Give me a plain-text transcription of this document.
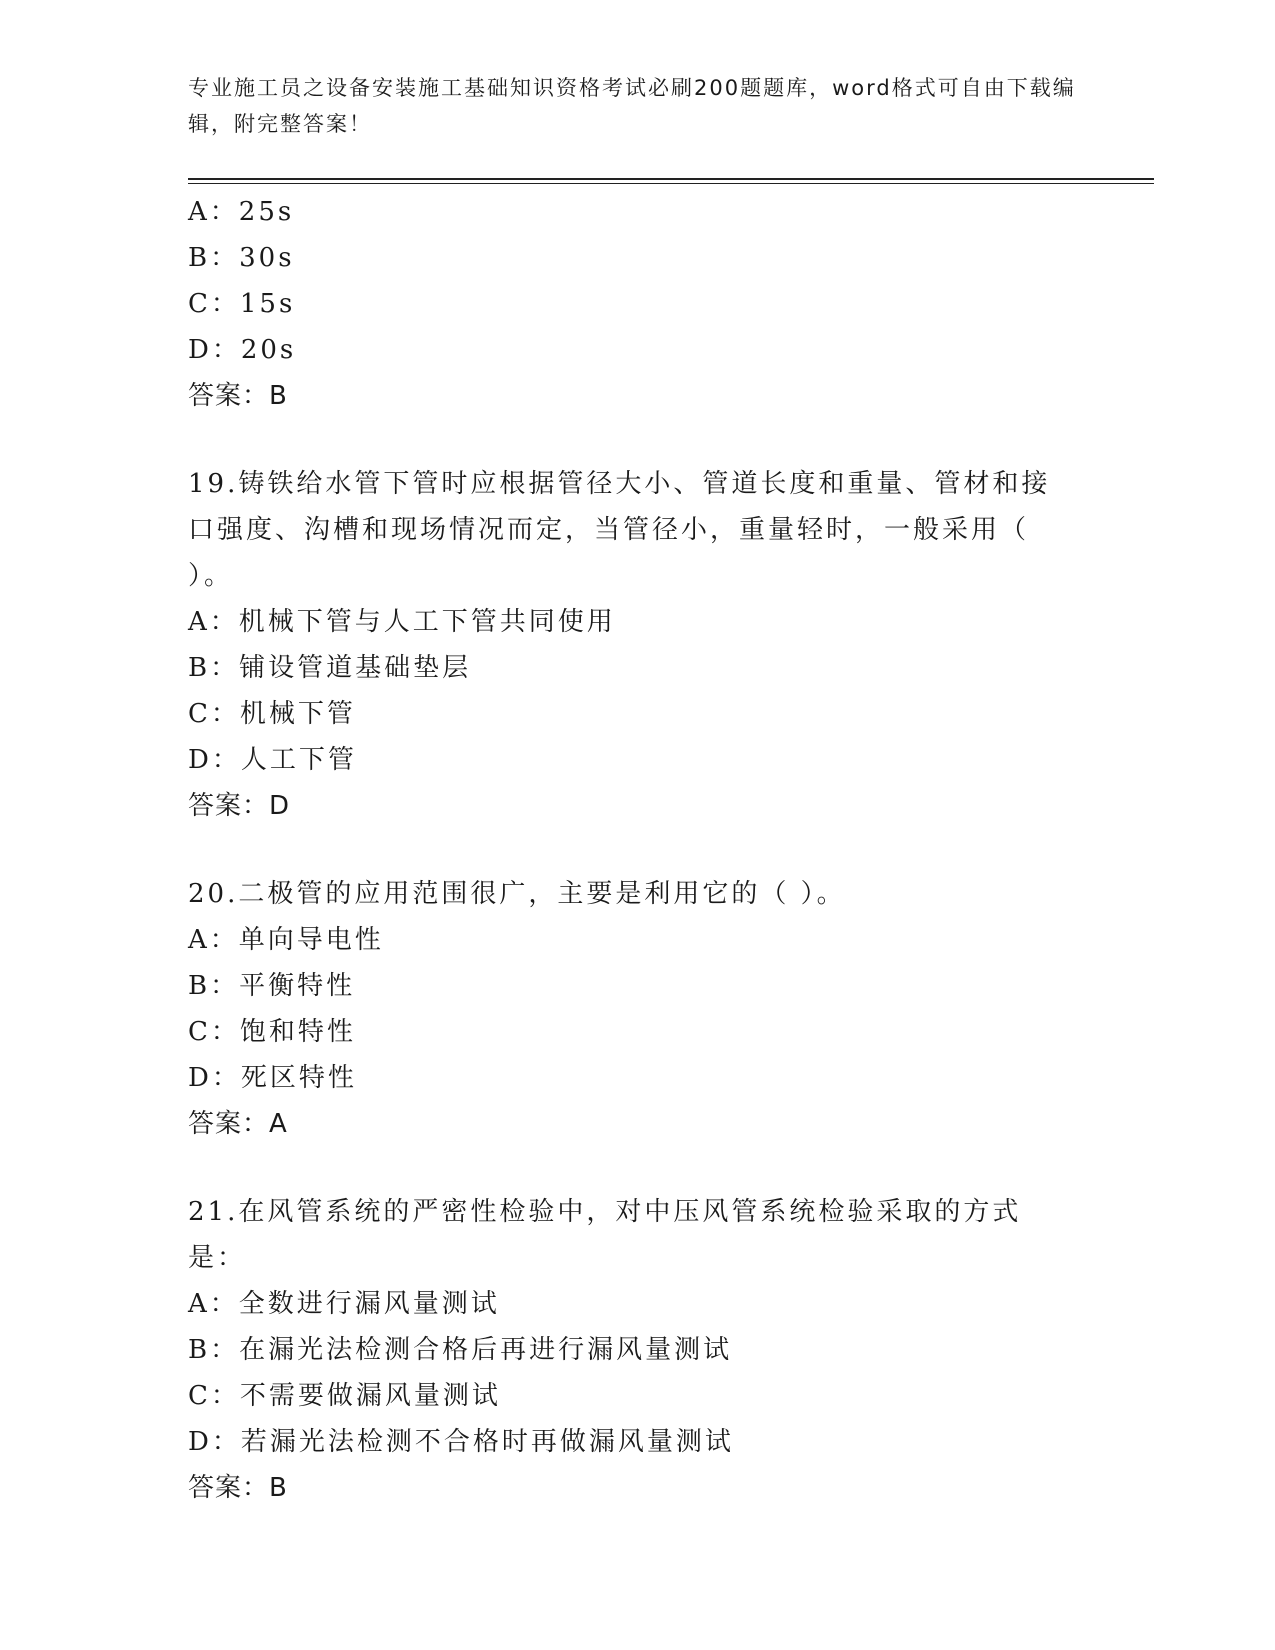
专业施工员之设备安装施工基础知识资格考试必刷200题题库，word格式可自由下载编辑，附完整答案！
A：25s
B：30s
C：15s
D：20s
答案：B
19.铸铁给水管下管时应根据管径大小、管道长度和重量、管材和接口强度、沟槽和现场情况而定，当管径小，重量轻时，一般采用（ ）。
A：机械下管与人工下管共同使用
B：铺设管道基础垫层
C：机械下管
D：人工下管
答案：D
20.二极管的应用范围很广，主要是利用它的（ ）。
A：单向导电性
B：平衡特性
C：饱和特性
D：死区特性
答案：A
21.在风管系统的严密性检验中，对中压风管系统检验采取的方式是：
A：全数进行漏风量测试
B：在漏光法检测合格后再进行漏风量测试
C：不需要做漏风量测试
D：若漏光法检测不合格时再做漏风量测试
答案：B
